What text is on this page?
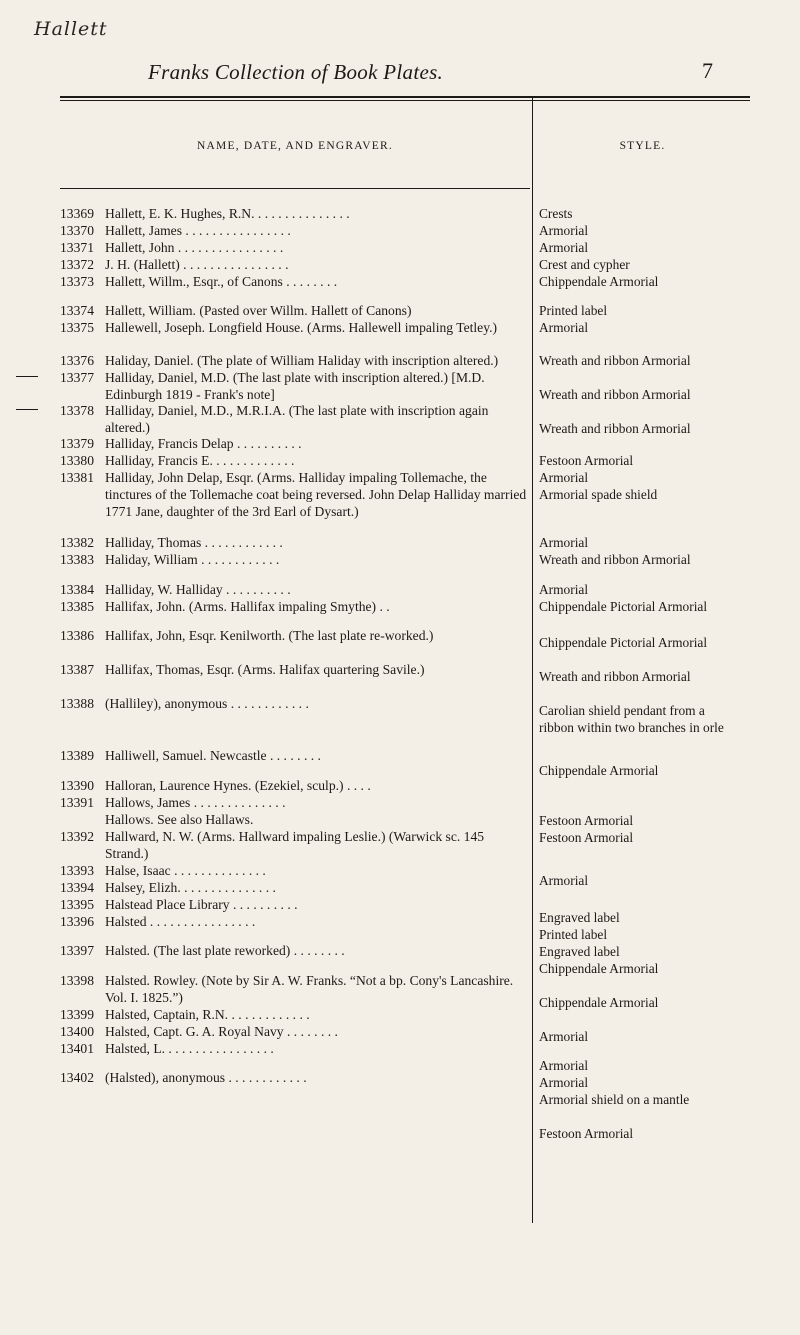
Hallett
Franks Collection of Book Plates.	7
NAME, DATE, AND ENGRAVER.	STYLE.
13369 Hallett, E. K. Hughes, R.N. . . . . . . . . . . . . . .
13370 Hallett, James . . . . . . . . . . . . . . . .
13371 Hallett, John . . . . . . . . . . . . . . . .
13372 J. H. (Hallett) . . . . . . . . . . . . . . . .
13373 Hallett, Willm., Esqr., of Canons . . . . . . . .
13374 Hallett, William. (Pasted over Willm. Hallett of Canons)
13375 Hallewell, Joseph. Longfield House. (Arms. Hallewell impaling Tetley.)
13376 Haliday, Daniel. (The plate of William Haliday with inscription altered.)
13377 Halliday, Daniel, M.D. (The last plate with inscription altered.) [M.D. Edinburgh 1819 - Frank's note]
13378 Halliday, Daniel, M.D., M.R.I.A. (The last plate with inscription again altered.)
13379 Halliday, Francis Delap . . . . . . . . . .
13380 Halliday, Francis E. . . . . . . . . . . . .
13381 Halliday, John Delap, Esqr. (Arms. Halliday impaling Tollemache, the tinctures of the Tollemache coat being reversed. John Delap Halliday married 1771 Jane, daughter of the 3rd Earl of Dysart.)
13382 Halliday, Thomas . . . . . . . . . . . .
13383 Haliday, William . . . . . . . . . . . .
13384 Halliday, W. Halliday . . . . . . . . . .
13385 Hallifax, John. (Arms. Hallifax impaling Smythe) . .
13386 Hallifax, John, Esqr. Kenilworth. (The last plate re-worked.)
13387 Hallifax, Thomas, Esqr. (Arms. Halifax quartering Savile.)
13388 (Halliley), anonymous . . . . . . . . . . . .
13389 Halliwell, Samuel. Newcastle . . . . . . . .
13390 Halloran, Laurence Hynes. (Ezekiel, sculp.) . . . .
13391 Hallows, James . . . . . . . . . . . . . .
Hallows. See also Hallaws.
13392 Hallward, N. W. (Arms. Hallward impaling Leslie.) (Warwick sc. 145 Strand.)
13393 Halse, Isaac . . . . . . . . . . . . . .
13394 Halsey, Elizh. . . . . . . . . . . . . . .
13395 Halstead Place Library . . . . . . . . . .
13396 Halsted . . . . . . . . . . . . . . . .
13397 Halsted. (The last plate reworked) . . . . . . . .
13398 Halsted. Rowley. (Note by Sir A. W. Franks. “Not a bp. Cony's Lancashire. Vol. I. 1825.”)
13399 Halsted, Captain, R.N. . . . . . . . . . . . .
13400 Halsted, Capt. G. A. Royal Navy . . . . . . . .
13401 Halsted, L. . . . . . . . . . . . . . . . .
13402 (Halsted), anonymous . . . . . . . . . . . .
Crests
Armorial
Armorial
Crest and cypher
Chippendale Armorial
Printed label
Armorial
Wreath and ribbon Armorial
Wreath and ribbon Armorial
Wreath and ribbon Armorial
Festoon Armorial
Armorial
Armorial spade shield
Armorial
Wreath and ribbon Armorial
Armorial
Chippendale Pictorial Armorial
Chippendale Pictorial Armorial
Wreath and ribbon Armorial
Carolian shield pendant from a ribbon within two branches in orle
Chippendale Armorial
Festoon Armorial
Festoon Armorial
Armorial
Engraved label
Printed label
Engraved label
Chippendale Armorial
Chippendale Armorial
Armorial
Armorial
Armorial
Armorial shield on a mantle
Festoon Armorial
